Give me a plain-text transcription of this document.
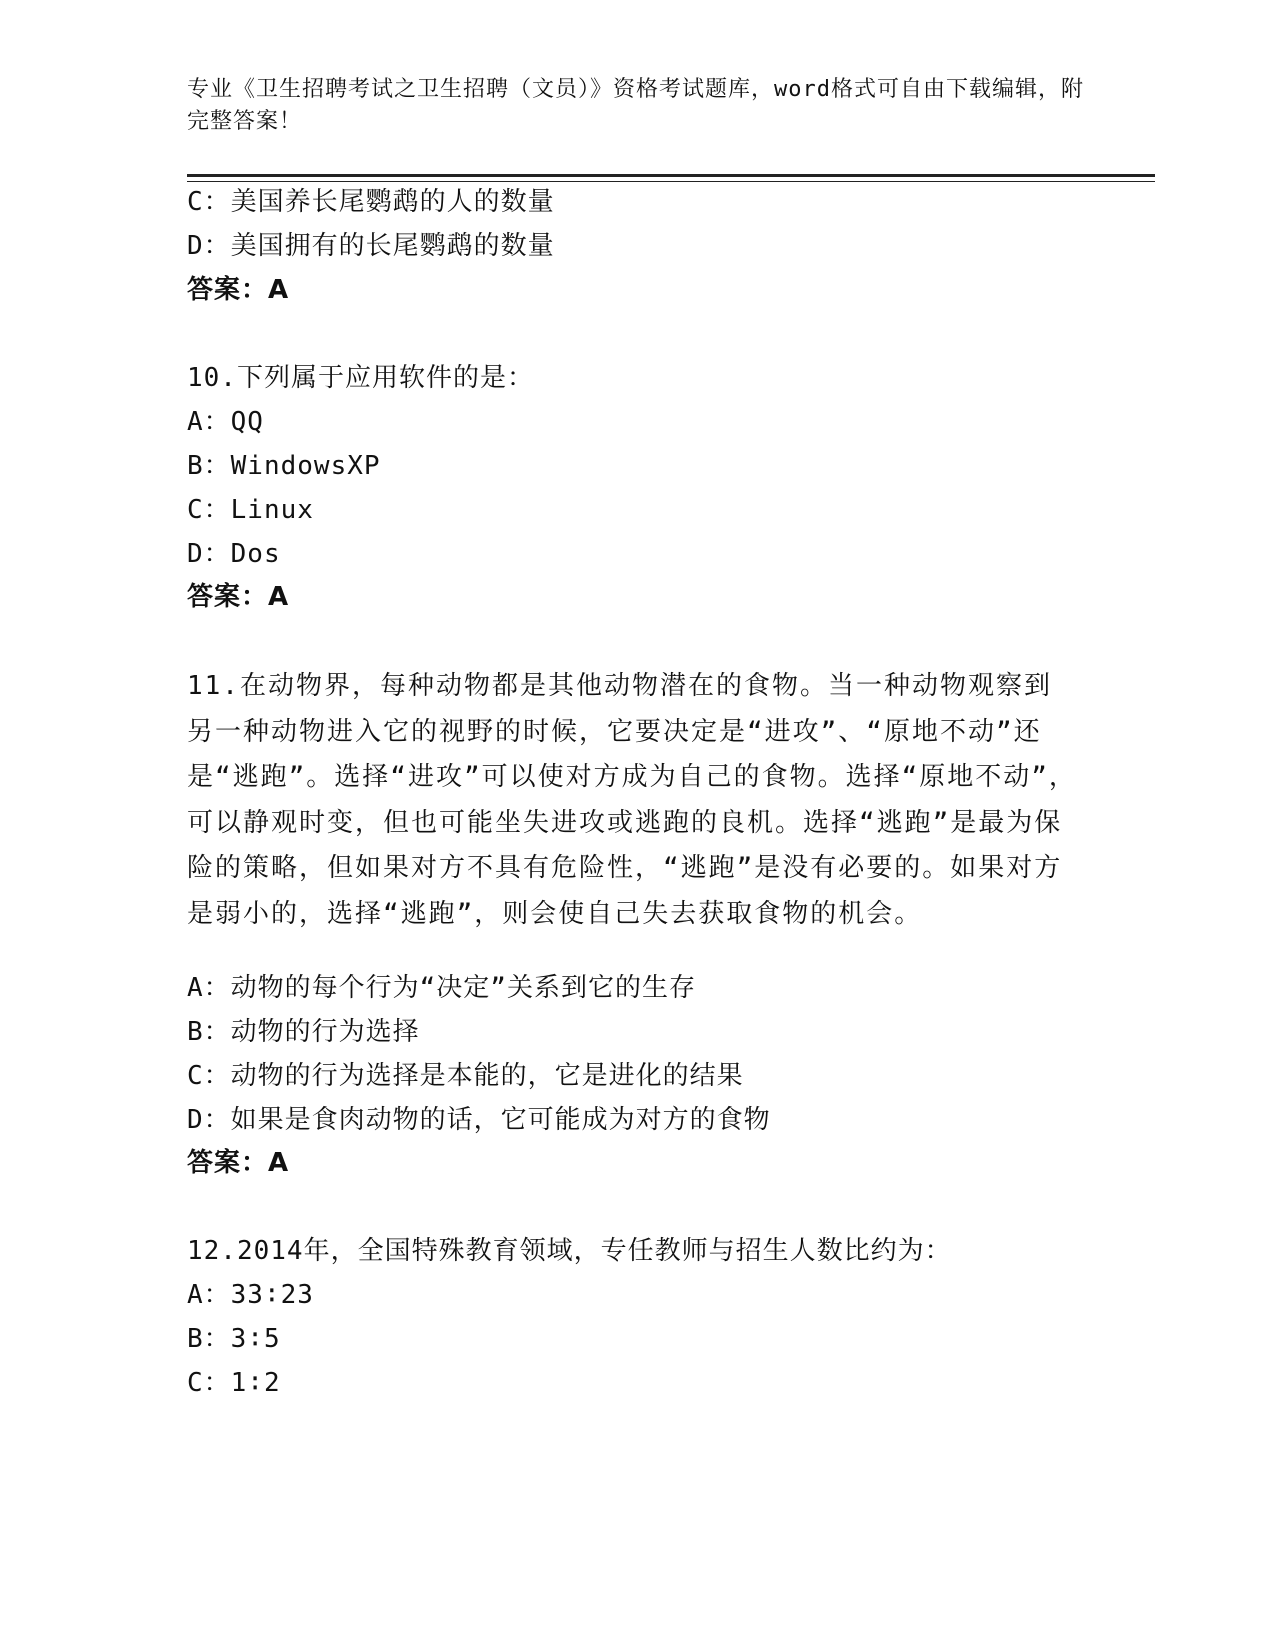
专业《卫生招聘考试之卫生招聘（文员）》资格考试题库，word格式可自由下载编辑，附完整答案！
C：美国养长尾鹦鹉的人的数量
D：美国拥有的长尾鹦鹉的数量
答案：A
10.下列属于应用软件的是：
A：QQ
B：WindowsXP
C：Linux
D：Dos
答案：A
11.在动物界，每种动物都是其他动物潜在的食物。当一种动物观察到另一种动物进入它的视野的时候，它要决定是“进攻”、“原地不动”还是“逃跑”。选择“进攻”可以使对方成为自己的食物。选择“原地不动”，可以静观时变，但也可能坐失进攻或逃跑的良机。选择“逃跑”是最为保险的策略，但如果对方不具有危险性，“逃跑”是没有必要的。如果对方是弱小的，选择“逃跑”，则会使自己失去获取食物的机会。
A：动物的每个行为“决定”关系到它的生存
B：动物的行为选择
C：动物的行为选择是本能的，它是进化的结果
D：如果是食肉动物的话，它可能成为对方的食物
答案：A
12.2014年，全国特殊教育领域，专任教师与招生人数比约为：
A：33∶23
B：3∶5
C：1∶2
